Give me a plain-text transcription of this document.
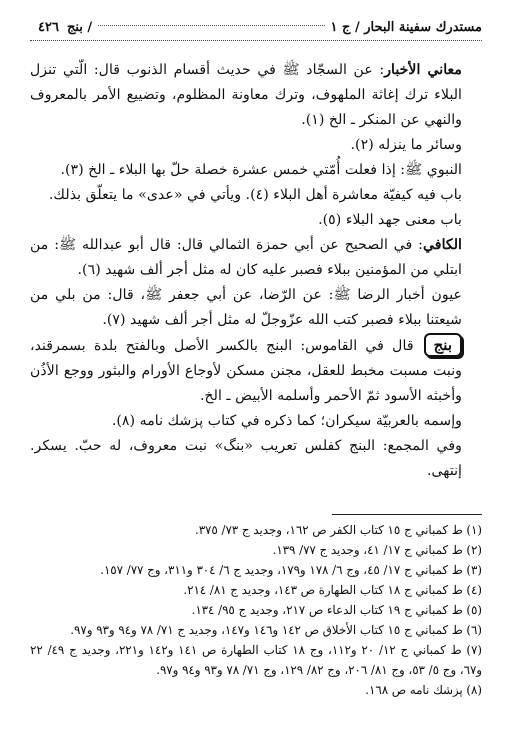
مستدرك سفينة البحار / ج ١
/ بنج
٤٢٦

معاني الأخبار: عن السجّاد ﷺ في حديث أقسام الذنوب قال: الّتي تنزل البلاء ترك إغاثة الملهوف، وترك معاونة المظلوم، وتضييع الأمر بالمعروف والنهي عن المنكر ـ الخ (١).

وسائر ما ينزله (٢).

النبوي ﷺ: إذا فعلت أُمّتي خمس عشرة خصلة حلّ بها البلاء ـ الخ (٣).

باب فيه كيفيّة معاشرة أهل البلاء (٤). ويأتي في «عدى» ما يتعلّق بذلك.

باب معنى جهد البلاء (٥).

الكافي: في الصحيح عن أبي حمزة الثمالي قال: قال أبو عبدالله ﷺ: من ابتلي من المؤمنين ببلاء فصبر عليه كان له مثل أجر ألف شهيد (٦).

عيون أخبار الرضا ﷺ: عن الرّضا، عن أبي جعفر ﷺ، قال: من بلي من شيعتنا ببلاء فصبر كتب الله عزّوجلّ له مثل أجر ألف شهيد (٧).

بنجقال في القاموس: البنج بالكسر الأصل وبالفتح بلدة بسمرقند، ونبت مسبت مخبط للعقل، مجنن مسكن لأوجاع الأورام والبثور ووجع الأذُن وأخبثه الأسود ثمّ الأحمر وأسلمه الأبيض ـ الخ.

وإسمه بالعربيّة سيكران؛ كما ذكره في كتاب پزشك نامه (٨).

وفي المجمع: البنج كفلس تعريب «بنگ» نبت معروف، له حبّ. يسكر. إنتهى.

(١) ط كمباني ج ١٥ كتاب الكفر ص ١٦٢، وجديد ج ٧٣/ ٣٧٥.

(٢) ط كمباني ج ١٧/ ٤١، وجديد ج ٧٧/ ١٣٩.

(٣) ط كمباني ج ١٧/ ٤٥، وج ٦/ ١٧٨ و١٧٩، وجديد ج ٦/ ٣٠٤ و٣١١، وج ٧٧/ ١٥٧.

(٤) ط كمباني ج ١٨ كتاب الطهارة ص ١٤٣، وجديد ج ٨١/ ٢١٤.

(٥) ط كمباني ج ١٩ كتاب الدعاء ص ٢١٧، وجديد ج ٩٥/ ١٣٤.

(٦) ط كمباني ج ١٥ كتاب الأخلاق ص ١٤٢ و١٤٦ و١٤٧، وجديد ج ٧١/ ٧٨ و٩٤ و٩٣ و٩٧.

(٧) ط كمباني ج ١٢/ ٢٠ و١١٢، وج ١٨ كتاب الطهارة ص ١٤١ و١٤٢ و٢٢١، وجديد ج ٤٩/ ٢٢ و٦٧، وج ٥/ ٥٣، وج ٨١/ ٢٠٦، وج ٨٢/ ١٢٩، وج ٧١/ ٧٨ و٩٣ و٩٤ و٩٧.

(٨) پزشك نامه ص ١٦٨.
